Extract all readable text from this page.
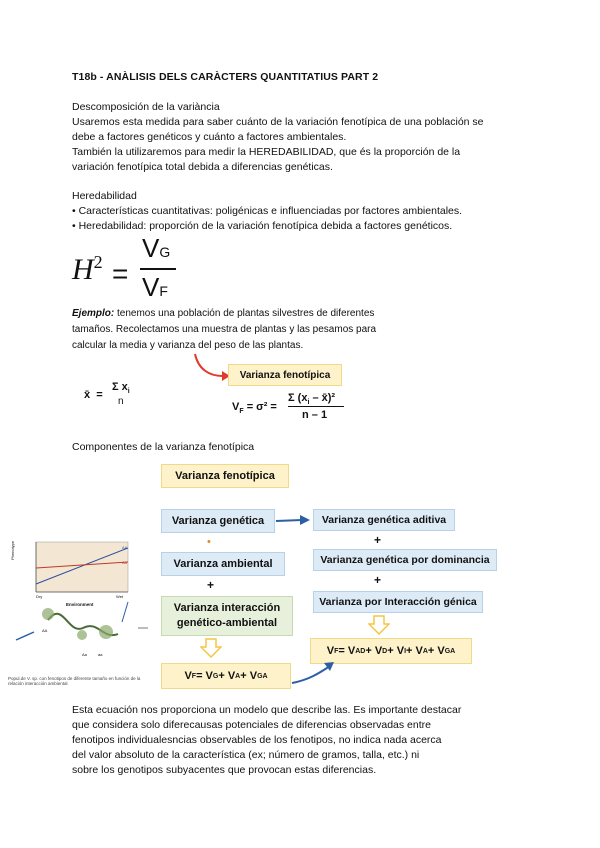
T18b - ANÀLISIS DELS CARÀCTERS QUANTITATIUS PART 2
Descomposición de la variància
Usaremos esta medida para saber cuánto de la variación fenotípica de una población se
debe a factores genéticos y cuánto a factores ambientales.
También la utilizaremos para medir la HEREDABILIDAD, que és la proporción de la
variación fenotípica total debida a diferencias genéticas.
Heredabilidad
• Características cuantitativas: poligénicas e influenciadas por factores ambientales.
• Heredabilidad: proporción de la variación fenotípica debida a factores genéticos.
$H^2$ =
VG
VF
Ejemplo: tenemos una población de plantas silvestres de diferentes tamaños. Recolectamos una muestra de plantas y las pesamos para calcular la media y varianza del peso de las plantas.
x̄ =
Σ $x_i$
n
Varianza fenotípica
$V_F = \sigma^2$ =
Σ ($x_i$ – x̄)²
n – 1
Componentes de la varianza fenotípica
Varianza fenotípica
Varianza genética
•
Varianza ambiental
+
Varianza interacción
genético-ambiental
V F = V G + V A + V GA
Varianza genética aditiva
+
Varianza genética por dominancia
+
Varianza por Interacción génica
V F = V AD + V D + V I + V A + V GA
Phenotype	AA
Aa
Dry
Environment
Wet
AA
Aa	aa
Popul.de V. sp. con fenotipos de diferente tamaño en función de la relación interacción ambiental
Esta ecuación nos proporciona un modelo que describe las. Es importante destacar
que considera solo diferecausas potenciales de diferencias observadas entre
fenotipos individualesncias observables de los fenotipos, no indica nada acerca
del valor absoluto de la característica (ex; número de gramos, talla, etc.) ni
sobre los genotipos subyacentes que provocan estas diferencias.
